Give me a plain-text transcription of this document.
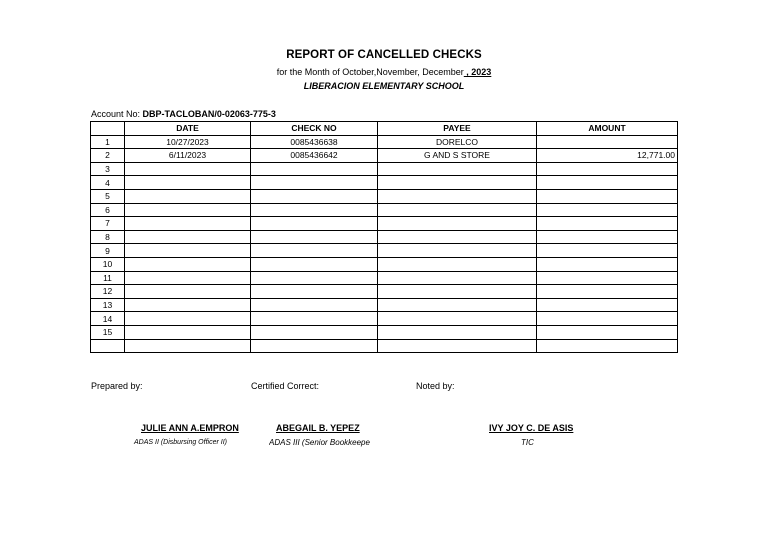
REPORT OF CANCELLED CHECKS
for the Month of October,November, December , 2023
LIBERACION ELEMENTARY SCHOOL
Account No: DBP-TACLOBAN/0-02063-775-3
	DATE	CHECK NO	PAYEE	AMOUNT
1	10/27/2023	0085436638	DORELCO	
2	6/11/2023	0085436642	G AND S STORE	12,771.00
3				
4				
5				
6				
7				
8				
9				
10				
11				
12				
13				
14				
15				

Prepared by:	Certified Correct:	Noted by:
JULIE ANN A.EMPRON
ADAS II (Disbursing Officer II)
ABEGAIL B. YEPEZ
ADAS III (Senior Bookkeepe
IVY JOY C. DE ASIS
TIC
